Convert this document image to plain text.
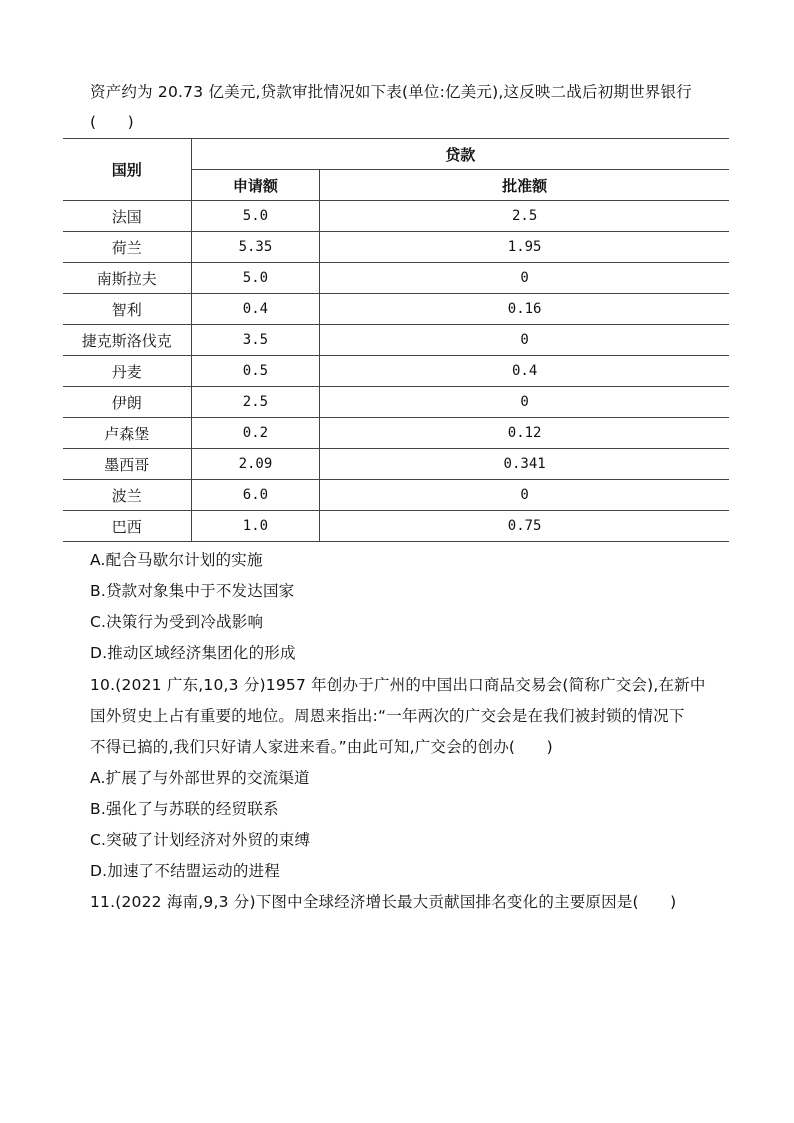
资产约为 20.73 亿美元,贷款审批情况如下表(单位:亿美元),这反映二战后初期世界银行
(　　)
国别	贷款	
	申请额	批准额
法国	5.0	2.5
荷兰	5.35	1.95
南斯拉夫	5.0	0
智利	0.4	0.16
捷克斯洛伐克	3.5	0
丹麦	0.5	0.4
伊朗	2.5	0
卢森堡	0.2	0.12
墨西哥	2.09	0.341
波兰	6.0	0
巴西	1.0	0.75
A.配合马歇尔计划的实施
B.贷款对象集中于不发达国家
C.决策行为受到冷战影响
D.推动区域经济集团化的形成
10.(2021 广东,10,3 分)1957 年创办于广州的中国出口商品交易会(简称广交会),在新中
国外贸史上占有重要的地位。周恩来指出:“一年两次的广交会是在我们被封锁的情况下
不得已搞的,我们只好请人家进来看。”由此可知,广交会的创办(　　)
A.扩展了与外部世界的交流渠道
B.强化了与苏联的经贸联系
C.突破了计划经济对外贸的束缚
D.加速了不结盟运动的进程
11.(2022 海南,9,3 分)下图中全球经济增长最大贡献国排名变化的主要原因是(　　)
